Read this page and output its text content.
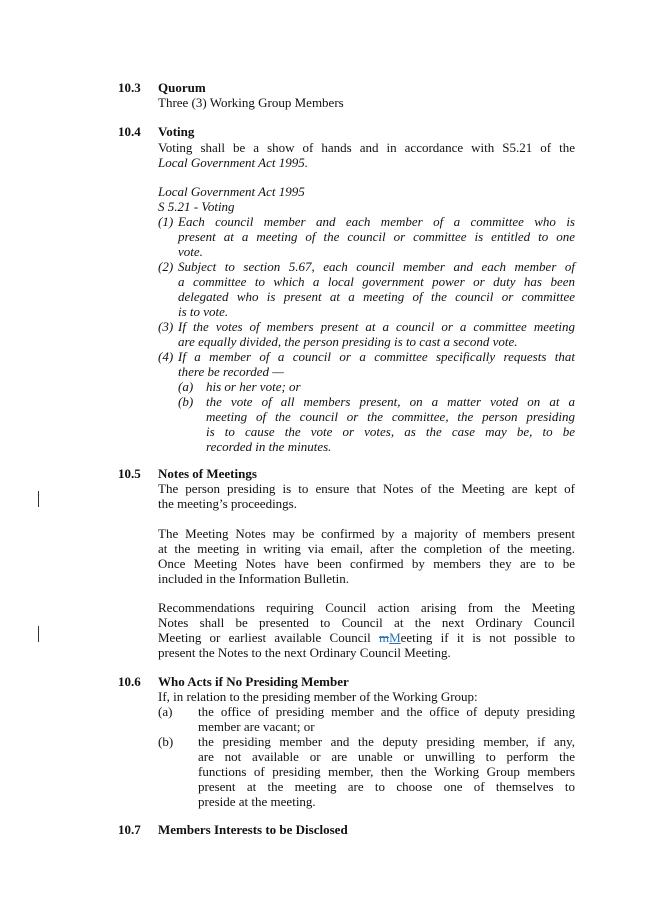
10.3 Quorum
Three (3) Working Group Members
10.4 Voting
Voting shall be a show of hands and in accordance with S5.21 of the
Local Government Act 1995.
Local Government Act 1995
S 5.21 - Voting
(1) Each council member and each member of a committee who is
present at a meeting of the council or committee is entitled to one
vote.
(2) Subject to section 5.67, each council member and each member of
a committee to which a local government power or duty has been
delegated who is present at a meeting of the council or committee
is to vote.
(3) If the votes of members present at a council or a committee meeting
are equally divided, the person presiding is to cast a second vote.
(4) If a member of a council or a committee specifically requests that
there be recorded —
(a) his or her vote; or
(b) the vote of all members present, on a matter voted on at a
meeting of the council or the committee, the person presiding
is to cause the vote or votes, as the case may be, to be
recorded in the minutes.
10.5 Notes of Meetings
The person presiding is to ensure that Notes of the Meeting are kept of
the meeting’s proceedings.
The Meeting Notes may be confirmed by a majority of members present
at the meeting in writing via email, after the completion of the meeting.
Once Meeting Notes have been confirmed by members they are to be
included in the Information Bulletin.
Recommendations requiring Council action arising from the Meeting
Notes shall be presented to Council at the next Ordinary Council
Meeting or earliest available Council mMeeting if it is not possible to
present the Notes to the next Ordinary Council Meeting.
10.6 Who Acts if No Presiding Member
If, in relation to the presiding member of the Working Group:
(a)	the office of presiding member and the office of deputy presiding
member are vacant; or
(b)	the presiding member and the deputy presiding member, if any,
are not available or are unable or unwilling to perform the
functions of presiding member, then the Working Group members
present at the meeting are to choose one of themselves to
preside at the meeting.
10.7 Members Interests to be Disclosed
